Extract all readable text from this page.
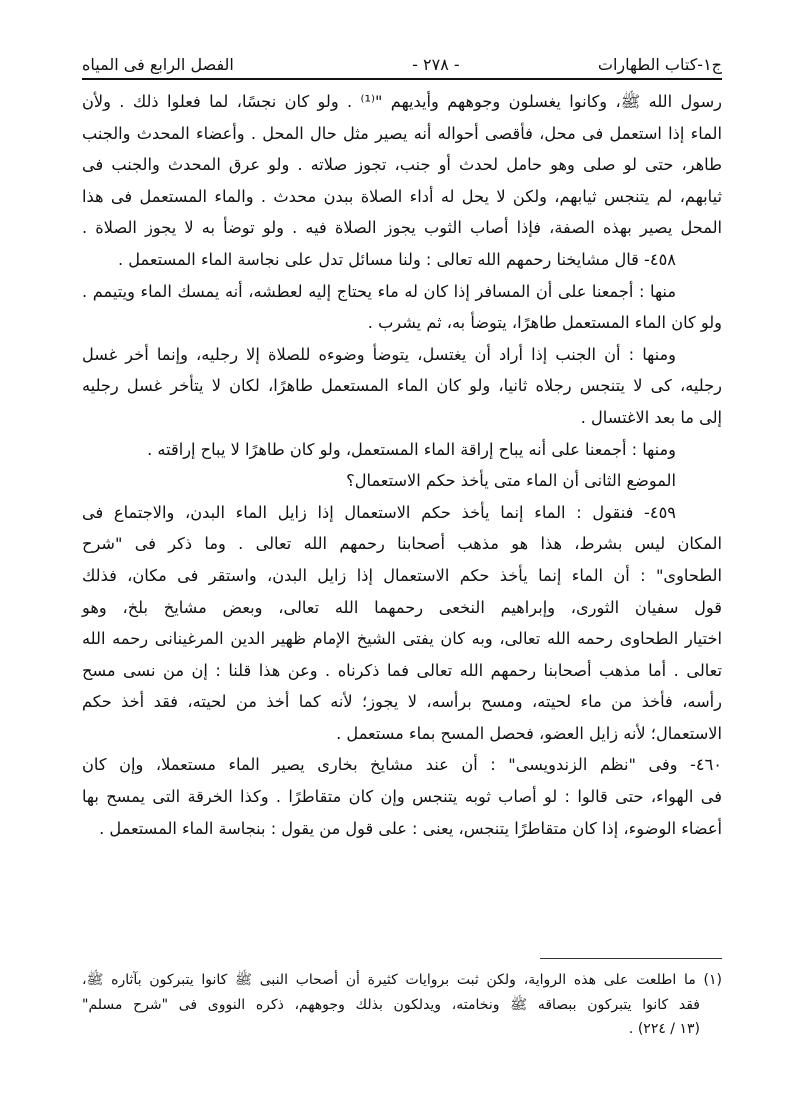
ج١-كتاب الطهارات
- ٢٧٨ -
الفصل الرابع فى المياه
رسول الله ﷺ، وكانوا يغسلون وجوههم وأيديهم "⁽¹⁾ . ولو كان نجسًا، لما فعلوا ذلك . ولأن
الماء إذا استعمل فى محل، فأقصى أحواله أنه يصير مثل حال المحل . وأعضاء المحدث والجنب
طاهر، حتى لو صلى وهو حامل لحدث أو جنب، تجوز صلاته . ولو عرق المحدث والجنب فى
ثيابهم، لم يتنجس ثيابهم، ولكن لا يحل له أداء الصلاة ببدن محدث . والماء المستعمل فى هذا
المحل يصير بهذه الصفة، فإذا أصاب الثوب يجوز الصلاة فيه . ولو توضأ به لا يجوز الصلاة .
٤٥٨- قال مشايخنا رحمهم الله تعالى : ولنا مسائل تدل على نجاسة الماء المستعمل .
منها : أجمعنا على أن المسافر إذا كان له ماء يحتاج إليه لعطشه، أنه يمسك الماء ويتيمم .
ولو كان الماء المستعمل طاهرًا، يتوضأ به، ثم يشرب .
ومنها : أن الجنب إذا أراد أن يغتسل، يتوضأ وضوءه للصلاة إلا رجليه، وإنما أخر غسل
رجليه، كى لا يتنجس رجلاه ثانيا، ولو كان الماء المستعمل طاهرًا، لكان لا يتأخر غسل رجليه
إلى ما بعد الاغتسال .
ومنها : أجمعنا على أنه يباح إراقة الماء المستعمل، ولو كان طاهرًا لا يباح إراقته .
الموضع الثانى أن الماء متى يأخذ حكم الاستعمال؟
٤٥٩- فنقول : الماء إنما يأخذ حكم الاستعمال إذا زايل الماء البدن، والاجتماع فى
المكان ليس بشرط، هذا هو مذهب أصحابنا رحمهم الله تعالى . وما ذكر فى "شرح
الطحاوى" : أن الماء إنما يأخذ حكم الاستعمال إذا زايل البدن، واستقر فى مكان، فذلك
قول سفيان الثورى، وإبراهيم النخعى رحمهما الله تعالى، وبعض مشايخ بلخ، وهو
اختيار الطحاوى رحمه الله تعالى، وبه كان يفتى الشيخ الإمام ظهير الدين المرغينانى رحمه الله
تعالى . أما مذهب أصحابنا رحمهم الله تعالى فما ذكرناه . وعن هذا قلنا : إن من نسى مسح
رأسه، فأخذ من ماء لحيته، ومسح برأسه، لا يجوز؛ لأنه كما أخذ من لحيته، فقد أخذ حكم
الاستعمال؛ لأنه زايل العضو، فحصل المسح بماء مستعمل .
٤٦٠- وفى "نظم الزندويسى" : أن عند مشايخ بخارى يصير الماء مستعملا، وإن كان
فى الهواء، حتى قالوا : لو أصاب ثوبه يتنجس وإن كان متقاطرًا . وكذا الخرقة التى يمسح بها
أعضاء الوضوء، إذا كان متقاطرًا يتنجس، يعنى : على قول من يقول : بنجاسة الماء المستعمل .
(١) ما اطلعت على هذه الرواية، ولكن ثبت بروايات كثيرة أن أصحاب النبى ﷺ كانوا يتبركون بآثاره ﷺ،
فقد كانوا يتبركون ببصاقه ﷺ ونخامته، ويدلكون بذلك وجوههم، ذكره النووى فى "شرح مسلم"
(١٣ / ٢٢٤) .
